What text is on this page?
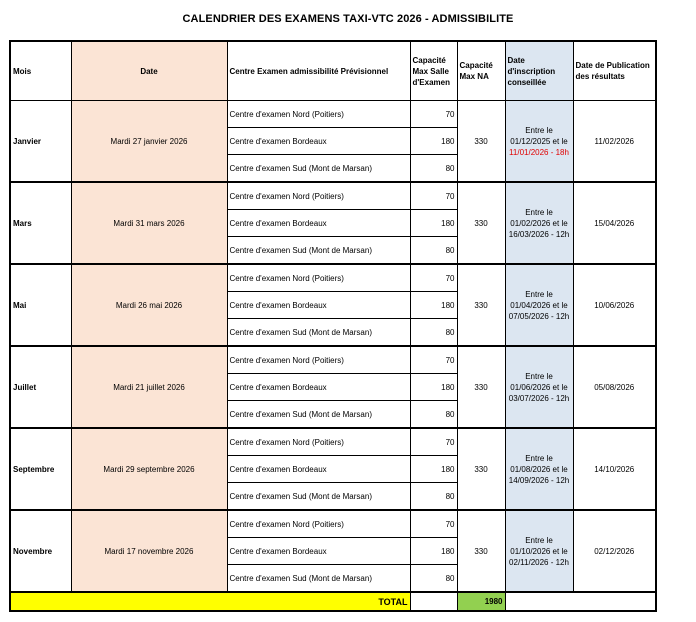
CALENDRIER DES EXAMENS TAXI-VTC 2026 - ADMISSIBILITE
Mois	Date	Centre Examen admissibilité Prévisionnel	Capacité Max Salle d'Examen	Capacité Max NA	Date d'inscription conseillée	Date de Publication des résultats
Janvier	Mardi 27 janvier 2026	Centre d'examen Nord (Poitiers)	70	330	Entre le
01/12/2025 et le
11/01/2026 - 18h	11/02/2026
		Centre d'examen Bordeaux	180			
		Centre d'examen Sud (Mont de Marsan)	80			
Mars	Mardi 31 mars 2026	Centre d'examen Nord (Poitiers)	70	330	Entre le
01/02/2026 et le
16/03/2026 - 12h	15/04/2026
		Centre d'examen Bordeaux	180			
		Centre d'examen Sud (Mont de Marsan)	80			
Mai	Mardi 26 mai 2026	Centre d'examen Nord (Poitiers)	70	330	Entre le
01/04/2026 et le
07/05/2026 - 12h	10/06/2026
		Centre d'examen Bordeaux	180			
		Centre d'examen Sud (Mont de Marsan)	80			
Juillet	Mardi 21 juillet 2026	Centre d'examen Nord (Poitiers)	70	330	Entre le
01/06/2026 et le
03/07/2026 - 12h	05/08/2026
		Centre d'examen Bordeaux	180			
		Centre d'examen Sud (Mont de Marsan)	80			
Septembre	Mardi 29 septembre 2026	Centre d'examen Nord (Poitiers)	70	330	Entre le
01/08/2026 et le
14/09/2026 - 12h	14/10/2026
		Centre d'examen Bordeaux	180			
		Centre d'examen Sud (Mont de Marsan)	80			
Novembre	Mardi 17 novembre 2026	Centre d'examen Nord (Poitiers)	70	330	Entre le
01/10/2026 et le
02/11/2026 - 12h	02/12/2026
		Centre d'examen Bordeaux	180			
		Centre d'examen Sud (Mont de Marsan)	80			
TOTAL				1980		
